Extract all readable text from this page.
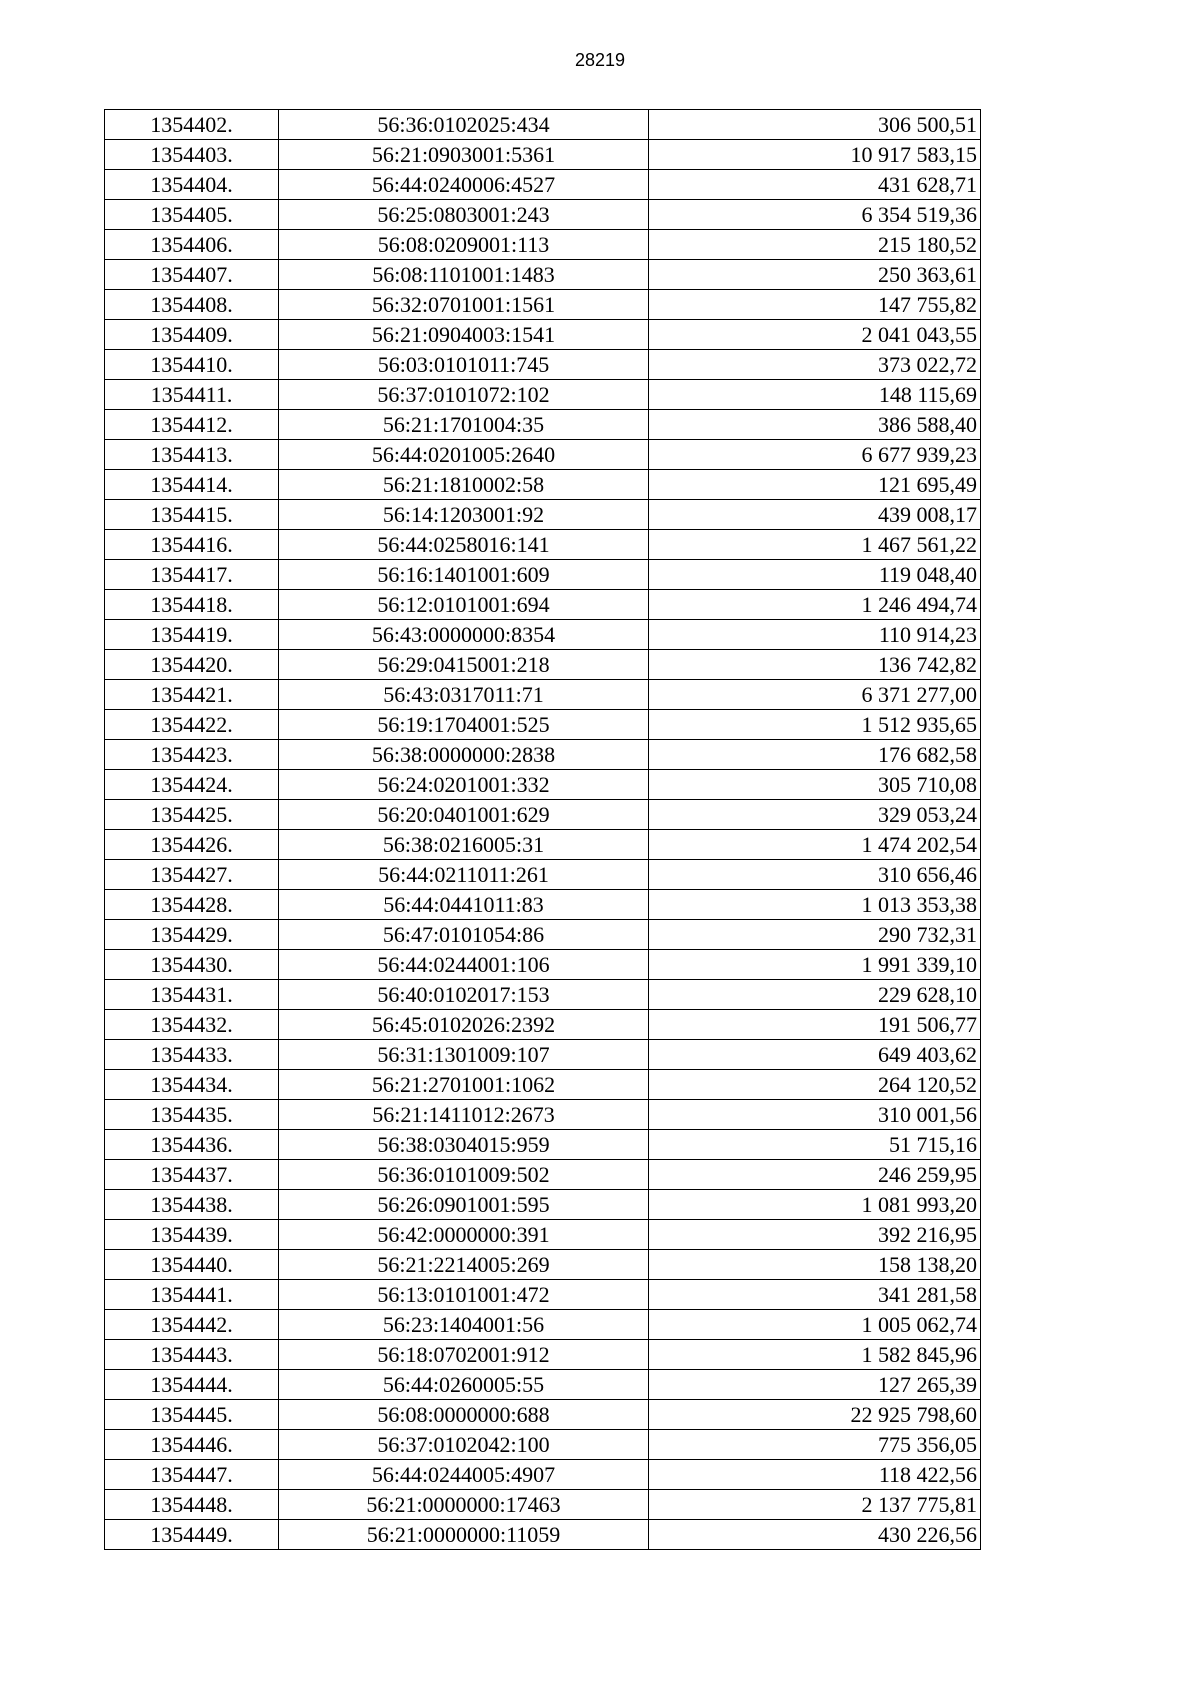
28219
1354402.	56:36:0102025:434	306 500,51
1354403.	56:21:0903001:5361	10 917 583,15
1354404.	56:44:0240006:4527	431 628,71
1354405.	56:25:0803001:243	6 354 519,36
1354406.	56:08:0209001:113	215 180,52
1354407.	56:08:1101001:1483	250 363,61
1354408.	56:32:0701001:1561	147 755,82
1354409.	56:21:0904003:1541	2 041 043,55
1354410.	56:03:0101011:745	373 022,72
1354411.	56:37:0101072:102	148 115,69
1354412.	56:21:1701004:35	386 588,40
1354413.	56:44:0201005:2640	6 677 939,23
1354414.	56:21:1810002:58	121 695,49
1354415.	56:14:1203001:92	439 008,17
1354416.	56:44:0258016:141	1 467 561,22
1354417.	56:16:1401001:609	119 048,40
1354418.	56:12:0101001:694	1 246 494,74
1354419.	56:43:0000000:8354	110 914,23
1354420.	56:29:0415001:218	136 742,82
1354421.	56:43:0317011:71	6 371 277,00
1354422.	56:19:1704001:525	1 512 935,65
1354423.	56:38:0000000:2838	176 682,58
1354424.	56:24:0201001:332	305 710,08
1354425.	56:20:0401001:629	329 053,24
1354426.	56:38:0216005:31	1 474 202,54
1354427.	56:44:0211011:261	310 656,46
1354428.	56:44:0441011:83	1 013 353,38
1354429.	56:47:0101054:86	290 732,31
1354430.	56:44:0244001:106	1 991 339,10
1354431.	56:40:0102017:153	229 628,10
1354432.	56:45:0102026:2392	191 506,77
1354433.	56:31:1301009:107	649 403,62
1354434.	56:21:2701001:1062	264 120,52
1354435.	56:21:1411012:2673	310 001,56
1354436.	56:38:0304015:959	51 715,16
1354437.	56:36:0101009:502	246 259,95
1354438.	56:26:0901001:595	1 081 993,20
1354439.	56:42:0000000:391	392 216,95
1354440.	56:21:2214005:269	158 138,20
1354441.	56:13:0101001:472	341 281,58
1354442.	56:23:1404001:56	1 005 062,74
1354443.	56:18:0702001:912	1 582 845,96
1354444.	56:44:0260005:55	127 265,39
1354445.	56:08:0000000:688	22 925 798,60
1354446.	56:37:0102042:100	775 356,05
1354447.	56:44:0244005:4907	118 422,56
1354448.	56:21:0000000:17463	2 137 775,81
1354449.	56:21:0000000:11059	430 226,56
